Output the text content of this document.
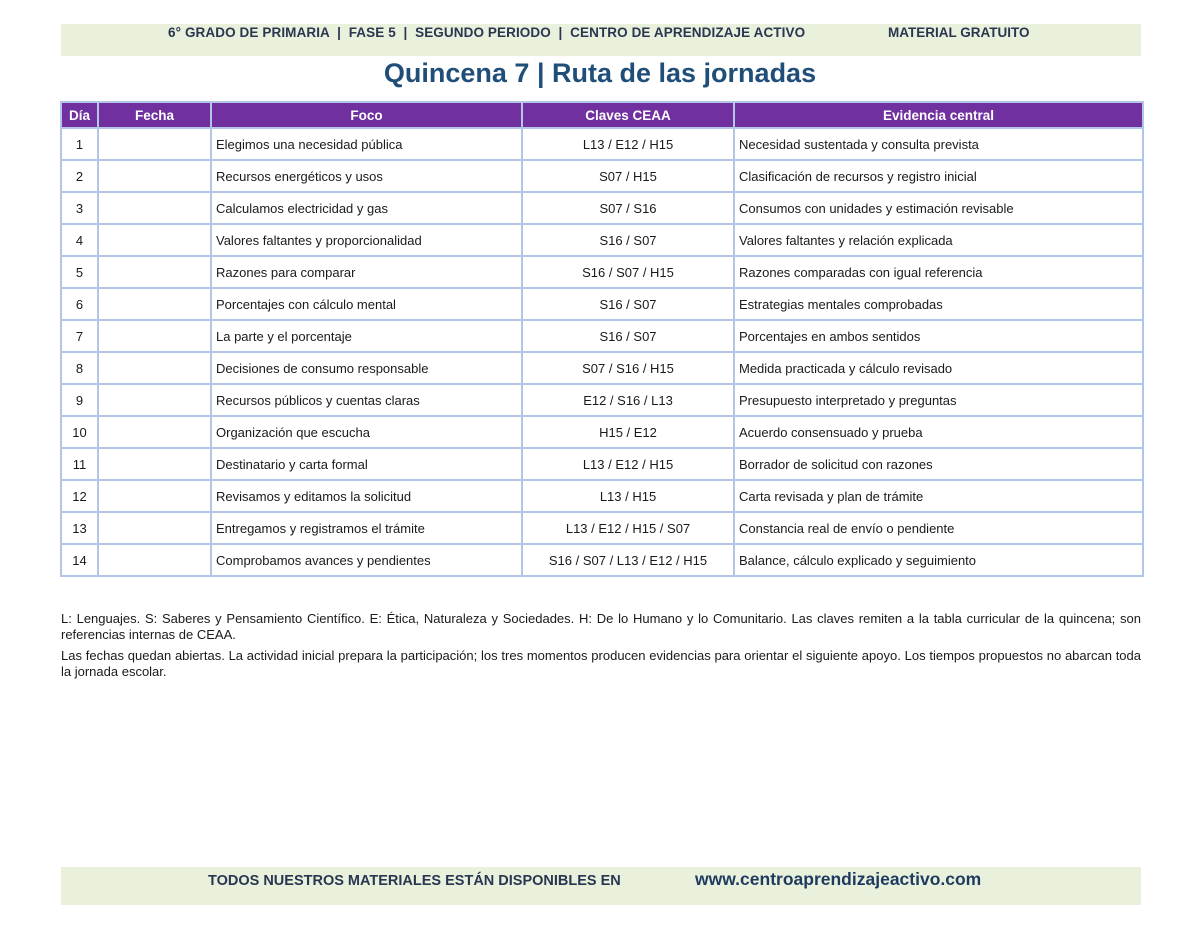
6° GRADO DE PRIMARIA  |  FASE 5  |  SEGUNDO PERIODO  |  CENTRO DE APRENDIZAJE ACTIVO	MATERIAL GRATUITO
Quincena 7 | Ruta de las jornadas
Día	Fecha	Foco	Claves CEAA	Evidencia central
1		Elegimos una necesidad pública	L13 / E12 / H15	Necesidad sustentada y consulta prevista
2		Recursos energéticos y usos	S07 / H15	Clasificación de recursos y registro inicial
3		Calculamos electricidad y gas	S07 / S16	Consumos con unidades y estimación revisable
4		Valores faltantes y proporcionalidad	S16 / S07	Valores faltantes y relación explicada
5		Razones para comparar	S16 / S07 / H15	Razones comparadas con igual referencia
6		Porcentajes con cálculo mental	S16 / S07	Estrategias mentales comprobadas
7		La parte y el porcentaje	S16 / S07	Porcentajes en ambos sentidos
8		Decisiones de consumo responsable	S07 / S16 / H15	Medida practicada y cálculo revisado
9		Recursos públicos y cuentas claras	E12 / S16 / L13	Presupuesto interpretado y preguntas
10		Organización que escucha	H15 / E12	Acuerdo consensuado y prueba
11		Destinatario y carta formal	L13 / E12 / H15	Borrador de solicitud con razones
12		Revisamos y editamos la solicitud	L13 / H15	Carta revisada y plan de trámite
13		Entregamos y registramos el trámite	L13 / E12 / H15 / S07	Constancia real de envío o pendiente
14		Comprobamos avances y pendientes	S16 / S07 / L13 / E12 / H15	Balance, cálculo explicado y seguimiento

L: Lenguajes. S: Saberes y Pensamiento Científico. E: Ética, Naturaleza y Sociedades. H: De lo Humano y lo Comunitario. Las claves remiten a la tabla curricular de la quincena; son referencias internas de CEAA.

Las fechas quedan abiertas. La actividad inicial prepara la participación; los tres momentos producen evidencias para orientar el siguiente apoyo. Los tiempos propuestos no abarcan toda la jornada escolar.

TODOS NUESTROS MATERIALES ESTÁN DISPONIBLES EN	www.centroaprendizajeactivo.com
